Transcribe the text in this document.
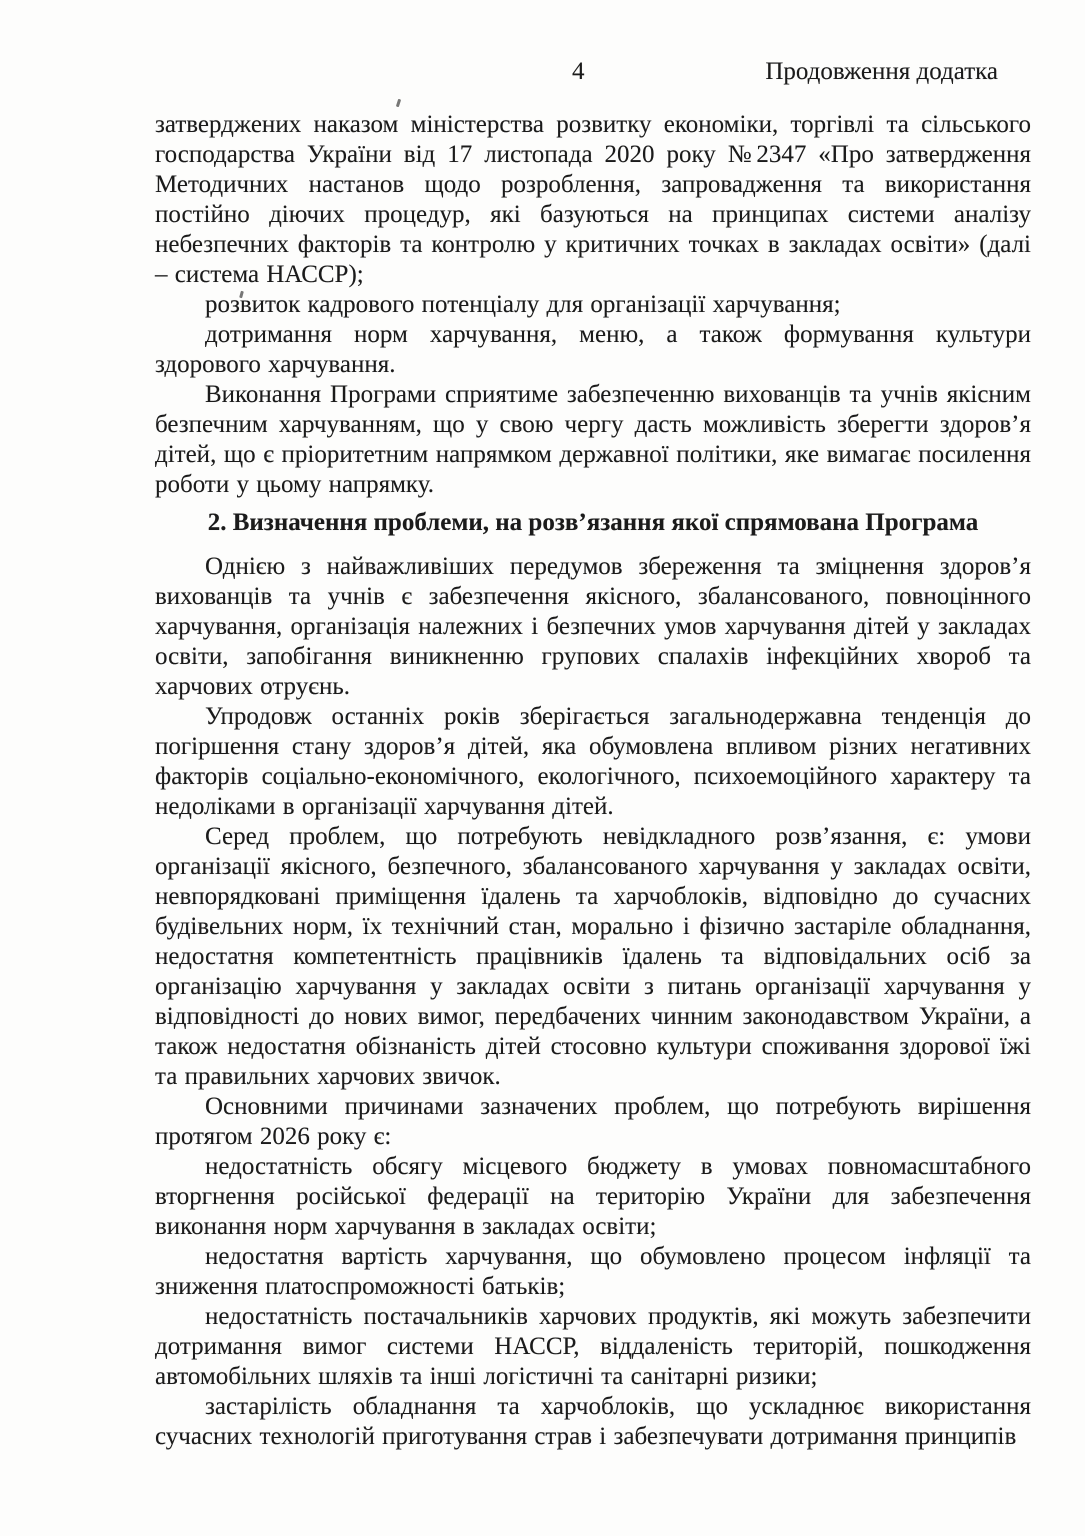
4	Продовження додатка

затверджених наказом міністерства розвитку економіки, торгівлі та сільського господарства України від 17 листопада 2020 року №2347 «Про затвердження Методичних настанов щодо розроблення, запровадження та використання постійно діючих процедур, які базуються на принципах системи аналізу небезпечних факторів та контролю у критичних точках в закладах освіти» (далі – система НАССР);

розвиток кадрового потенціалу для організації харчування;

дотримання норм харчування, меню, а також формування культури здорового харчування.

Виконання Програми сприятиме забезпеченню вихованців та учнів якісним безпечним харчуванням, що у свою чергу дасть можливість зберегти здоров’я дітей, що є пріоритетним напрямком державної політики, яке вимагає посилення роботи у цьому напрямку.

2. Визначення проблеми, на розв’язання якої спрямована Програма

Однією з найважливіших передумов збереження та зміцнення здоров’я вихованців та учнів є забезпечення якісного, збалансованого, повноцінного харчування, організація належних і безпечних умов харчування дітей у закладах освіти, запобігання виникненню групових спалахів інфекційних хвороб та харчових отруєнь.

Упродовж останніх років зберігається загальнодержавна тенденція до погіршення стану здоров’я дітей, яка обумовлена впливом різних негативних факторів соціально-економічного, екологічного, психоемоційного характеру та недоліками в організації харчування дітей.

Серед проблем, що потребують невідкладного розв’язання, є: умови організації якісного, безпечного, збалансованого харчування у закладах освіти, невпорядковані приміщення їдалень та харчоблоків, відповідно до сучасних будівельних норм, їх технічний стан, морально і фізично застаріле обладнання, недостатня компетентність працівників їдалень та відповідальних осіб за організацію харчування у закладах освіти з питань організації харчування у відповідності до нових вимог, передбачених чинним законодавством України, а також недостатня обізнаність дітей стосовно культури споживання здорової їжі та правильних харчових звичок.

Основними причинами зазначених проблем, що потребують вирішення протягом 2026 року є:

недостатність обсягу місцевого бюджету в умовах повномасштабного вторгнення російської федерації на територію України для забезпечення виконання норм харчування в закладах освіти;

недостатня вартість харчування, що обумовлено процесом інфляції та зниження платоспроможності батьків;

недостатність постачальників харчових продуктів, які можуть забезпечити дотримання вимог системи НАССР, віддаленість територій, пошкодження автомобільних шляхів та інші логістичні та санітарні ризики;

застарілість обладнання та харчоблоків, що ускладнює використання сучасних технологій приготування страв і забезпечувати дотримання принципів
